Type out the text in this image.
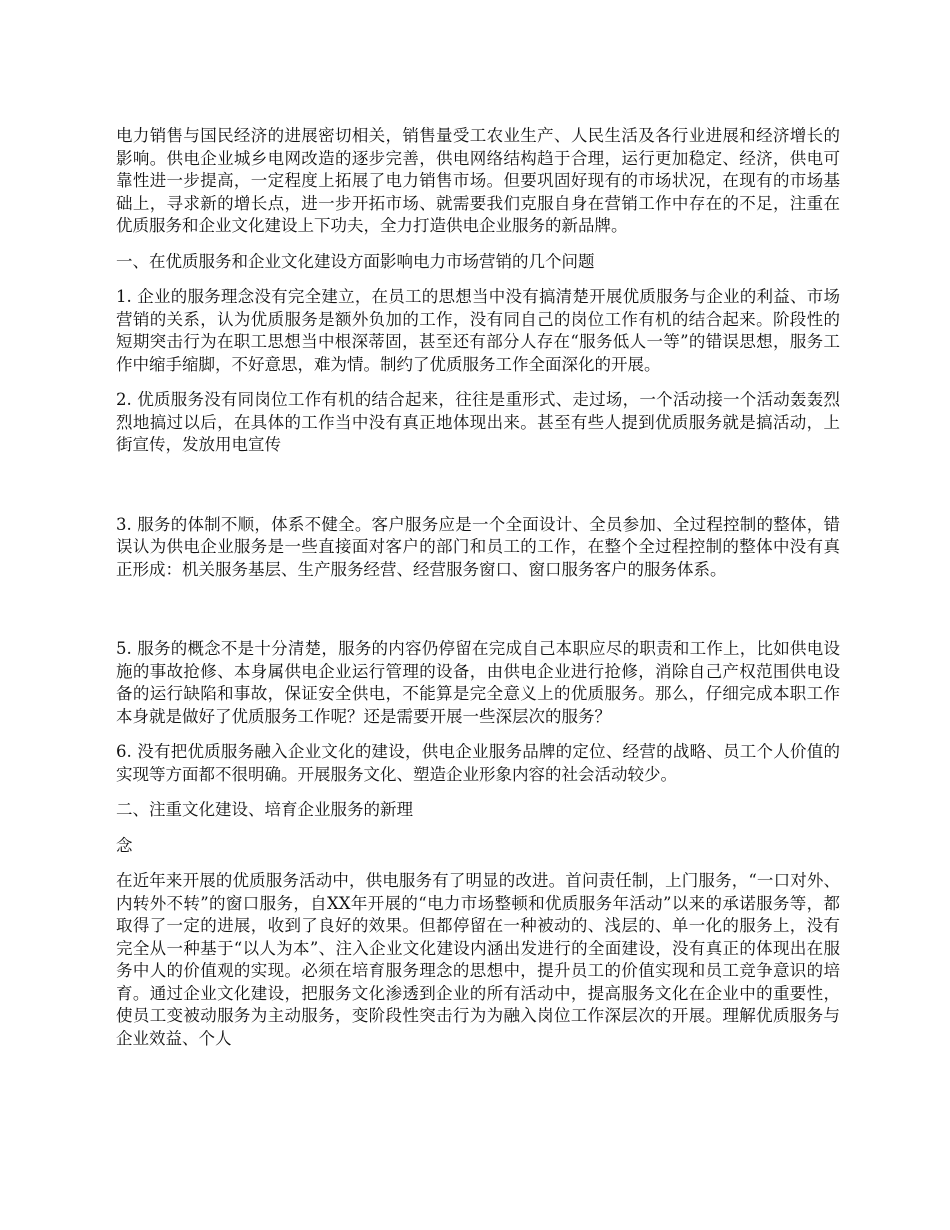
电力销售与国民经济的进展密切相关，销售量受工农业生产、人民生活及各行业进展和经济增长的影响。供电企业城乡电网改造的逐步完善，供电网络结构趋于合理，运行更加稳定、经济，供电可靠性进一步提高，一定程度上拓展了电力销售市场。但要巩固好现有的市场状况，在现有的市场基础上，寻求新的增长点，进一步开拓市场、就需要我们克服自身在营销工作中存在的不足，注重在优质服务和企业文化建设上下功夫，全力打造供电企业服务的新品牌。

一、在优质服务和企业文化建设方面影响电力市场营销的几个问题

1. 企业的服务理念没有完全建立，在员工的思想当中没有搞清楚开展优质服务与企业的利益、市场营销的关系，认为优质服务是额外负加的工作，没有同自己的岗位工作有机的结合起来。阶段性的短期突击行为在职工思想当中根深蒂固，甚至还有部分人存在“服务低人一等”的错误思想，服务工作中缩手缩脚，不好意思，难为情。制约了优质服务工作全面深化的开展。

2. 优质服务没有同岗位工作有机的结合起来，往往是重形式、走过场，一个活动接一个活动轰轰烈烈地搞过以后，在具体的工作当中没有真正地体现出来。甚至有些人提到优质服务就是搞活动，上街宣传，发放用电宣传

3. 服务的体制不顺，体系不健全。客户服务应是一个全面设计、全员参加、全过程控制的整体，错误认为供电企业服务是一些直接面对客户的部门和员工的工作，在整个全过程控制的整体中没有真正形成：机关服务基层、生产服务经营、经营服务窗口、窗口服务客户的服务体系。

5. 服务的概念不是十分清楚，服务的内容仍停留在完成自己本职应尽的职责和工作上，比如供电设施的事故抢修、本身属供电企业运行管理的设备，由供电企业进行抢修，消除自己产权范围供电设备的运行缺陷和事故，保证安全供电，不能算是完全意义上的优质服务。那么，仔细完成本职工作本身就是做好了优质服务工作呢？还是需要开展一些深层次的服务？

6. 没有把优质服务融入企业文化的建设，供电企业服务品牌的定位、经营的战略、员工个人价值的实现等方面都不很明确。开展服务文化、塑造企业形象内容的社会活动较少。

二、注重文化建设、培育企业服务的新理

念

在近年来开展的优质服务活动中，供电服务有了明显的改进。首问责任制，上门服务，“一口对外、内转外不转”的窗口服务，自XX年开展的“电力市场整顿和优质服务年活动”以来的承诺服务等，都取得了一定的进展，收到了良好的效果。但都停留在一种被动的、浅层的、单一化的服务上，没有完全从一种基于“以人为本”、注入企业文化建设内涵出发进行的全面建设，没有真正的体现出在服务中人的价值观的实现。必须在培育服务理念的思想中，提升员工的价值实现和员工竞争意识的培育。通过企业文化建设，把服务文化渗透到企业的所有活动中，提高服务文化在企业中的重要性，使员工变被动服务为主动服务，变阶段性突击行为为融入岗位工作深层次的开展。理解优质服务与企业效益、个人
